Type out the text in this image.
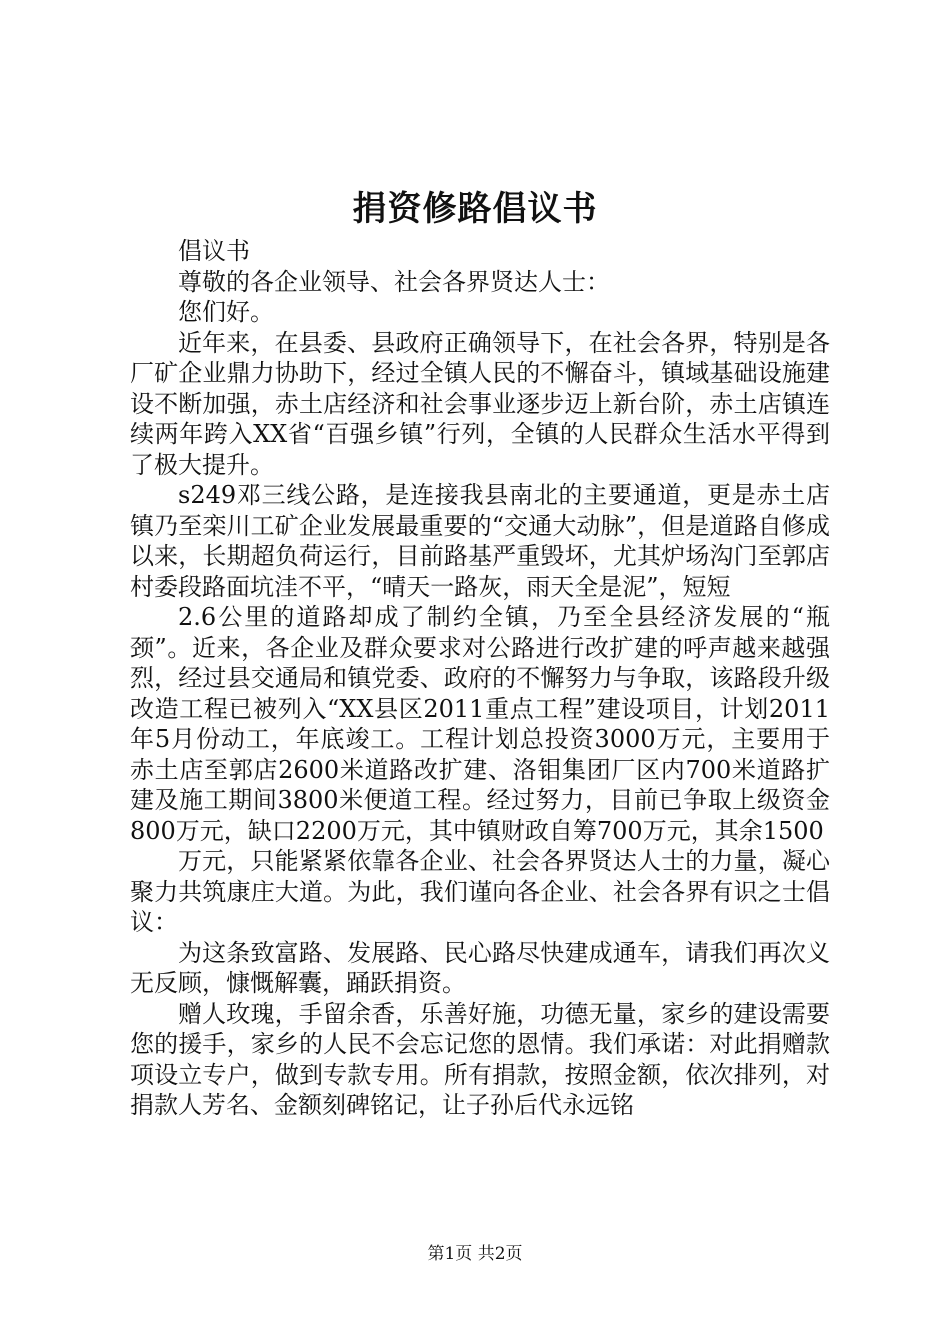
捐资修路倡议书

倡议书

尊敬的各企业领导、社会各界贤达人士：

您们好。

近年来，在县委、县政府正确领导下，在社会各界，特别是各厂矿企业鼎力协助下，经过全镇人民的不懈奋斗，镇域基础设施建设不断加强，赤土店经济和社会事业逐步迈上新台阶，赤土店镇连续两年跨入XX省“百强乡镇”行列，全镇的人民群众生活水平得到了极大提升。

s249邓三线公路，是连接我县南北的主要通道，更是赤土店镇乃至栾川工矿企业发展最重要的“交通大动脉”，但是道路自修成以来，长期超负荷运行，目前路基严重毁坏，尤其炉场沟门至郭店村委段路面坑洼不平，“晴天一路灰，雨天全是泥”，短短

2.6公里的道路却成了制约全镇，乃至全县经济发展的“瓶颈”。近来，各企业及群众要求对公路进行改扩建的呼声越来越强烈，经过县交通局和镇党委、政府的不懈努力与争取，该路段升级改造工程已被列入“XX县区2011重点工程”建设项目，计划2011年5月份动工，年底竣工。工程计划总投资3000万元，主要用于赤土店至郭店2600米道路改扩建、洛钼集团厂区内700米道路扩建及施工期间3800米便道工程。经过努力，目前已争取上级资金800万元，缺口2200万元，其中镇财政自筹700万元，其余1500

万元，只能紧紧依靠各企业、社会各界贤达人士的力量，凝心聚力共筑康庄大道。为此，我们谨向各企业、社会各界有识之士倡议：

为这条致富路、发展路、民心路尽快建成通车，请我们再次义无反顾，慷慨解囊，踊跃捐资。

赠人玫瑰，手留余香，乐善好施，功德无量，家乡的建设需要您的援手，家乡的人民不会忘记您的恩情。我们承诺：对此捐赠款项设立专户，做到专款专用。所有捐款，按照金额，依次排列，对捐款人芳名、金额刻碑铭记，让子孙后代永远铭

第1页 共2页
